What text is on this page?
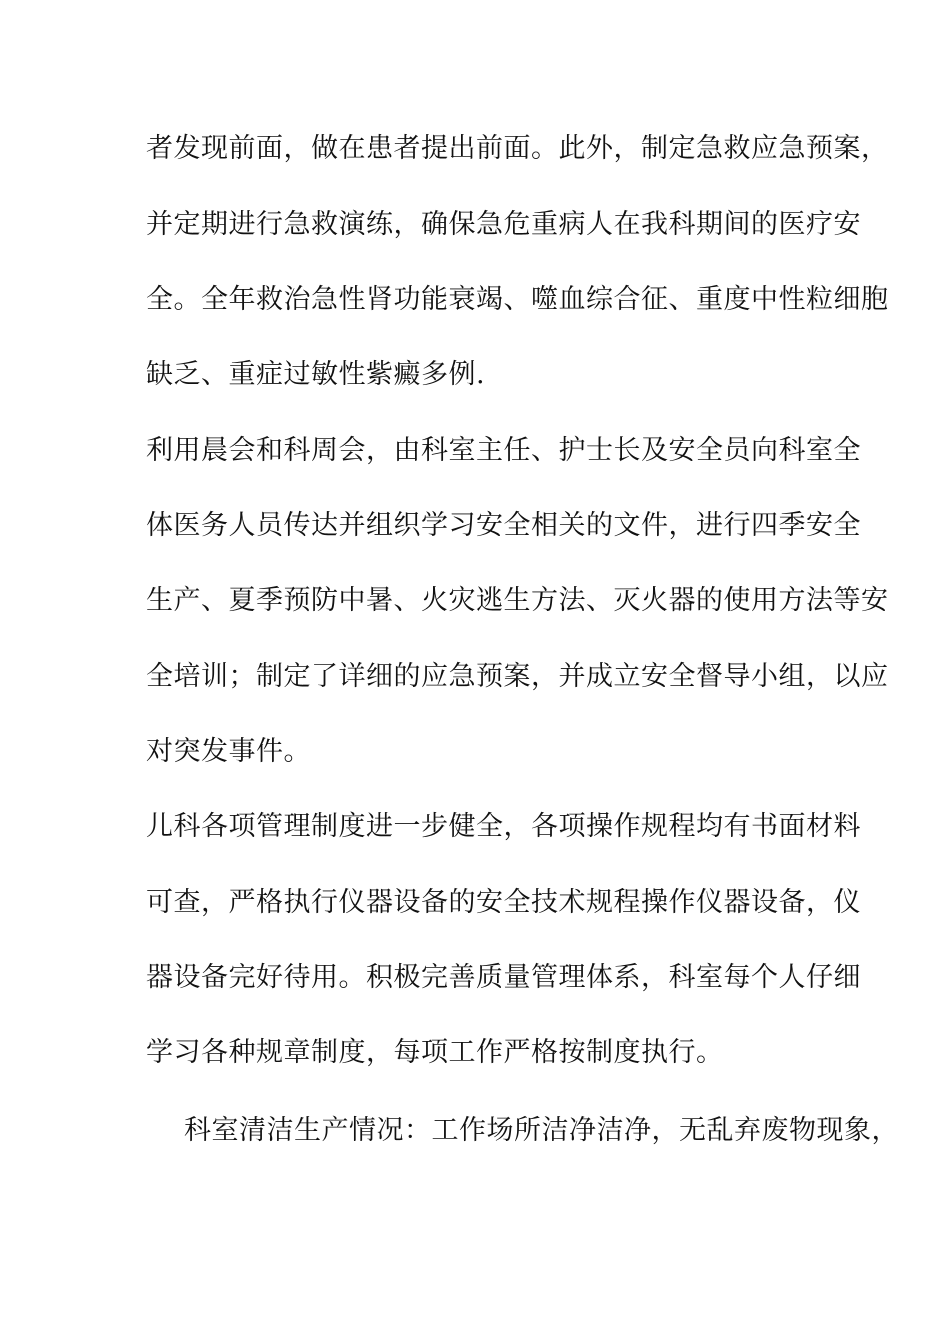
者发现前面，做在患者提出前面。此外，制定急救应急预案，
并定期进行急救演练，确保急危重病人在我科期间的医疗安
全。全年救治急性肾功能衰竭、噬血综合征、重度中性粒细胞
缺乏、重症过敏性紫癜多例.
利用晨会和科周会，由科室主任、护士长及安全员向科室全
体医务人员传达并组织学习安全相关的文件，进行四季安全
生产、夏季预防中暑、火灾逃生方法、灭火器的使用方法等安
全培训；制定了详细的应急预案，并成立安全督导小组，以应
对突发事件。
儿科各项管理制度进一步健全，各项操作规程均有书面材料
可查，严格执行仪器设备的安全技术规程操作仪器设备，仪
器设备完好待用。积极完善质量管理体系，科室每个人仔细
学习各种规章制度，每项工作严格按制度执行。
科室清洁生产情况：工作场所洁净洁净，无乱弃废物现象，
